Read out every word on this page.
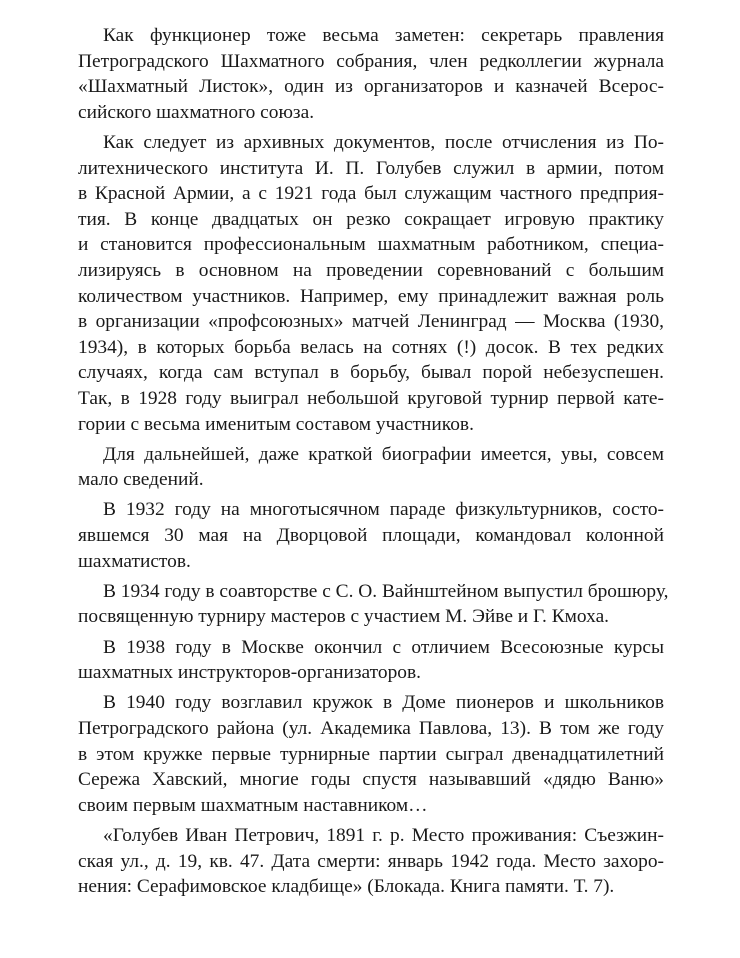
Как функционер тоже весьма заметен: секретарь правления
Петроградского Шахматного собрания, член редколлегии журнала
«Шахматный Листок», один из организаторов и казначей Всерос-
сийского шахматного союза.

Как следует из архивных документов, после отчисления из По-
литехнического института И. П. Голубев служил в армии, потом
в Красной Армии, а с 1921 года был служащим частного предприя-
тия. В конце двадцатых он резко сокращает игровую практику
и становится профессиональным шахматным работником, специа-
лизируясь в основном на проведении соревнований с большим
количеством участников. Например, ему принадлежит важная роль
в организации «профсоюзных» матчей Ленинград — Москва (1930,
1934), в которых борьба велась на сотнях (!) досок. В тех редких
случаях, когда сам вступал в борьбу, бывал порой небезуспешен.
Так, в 1928 году выиграл небольшой круговой турнир первой кате-
гории с весьма именитым составом участников.

Для дальнейшей, даже краткой биографии имеется, увы, совсем
мало сведений.

В 1932 году на многотысячном параде физкультурников, состо-
явшемся 30 мая на Дворцовой площади, командовал колонной
шахматистов.

В 1934 году в соавторстве с С. О. Вайнштейном выпустил брошюру,
посвященную турниру мастеров с участием М. Эйве и Г. Кмоха.

В 1938 году в Москве окончил с отличием Всесоюзные курсы
шахматных инструкторов-организаторов.

В 1940 году возглавил кружок в Доме пионеров и школьников
Петроградского района (ул. Академика Павлова, 13). В том же году
в этом кружке первые турнирные партии сыграл двенадцатилетний
Сережа Хавский, многие годы спустя называвший «дядю Ваню»
своим первым шахматным наставником…

«Голубев Иван Петрович, 1891 г. р. Место проживания: Съезжин-
ская ул., д. 19, кв. 47. Дата смерти: январь 1942 года. Место захоро-
нения: Серафимовское кладбище» (Блокада. Книга памяти. Т. 7).
